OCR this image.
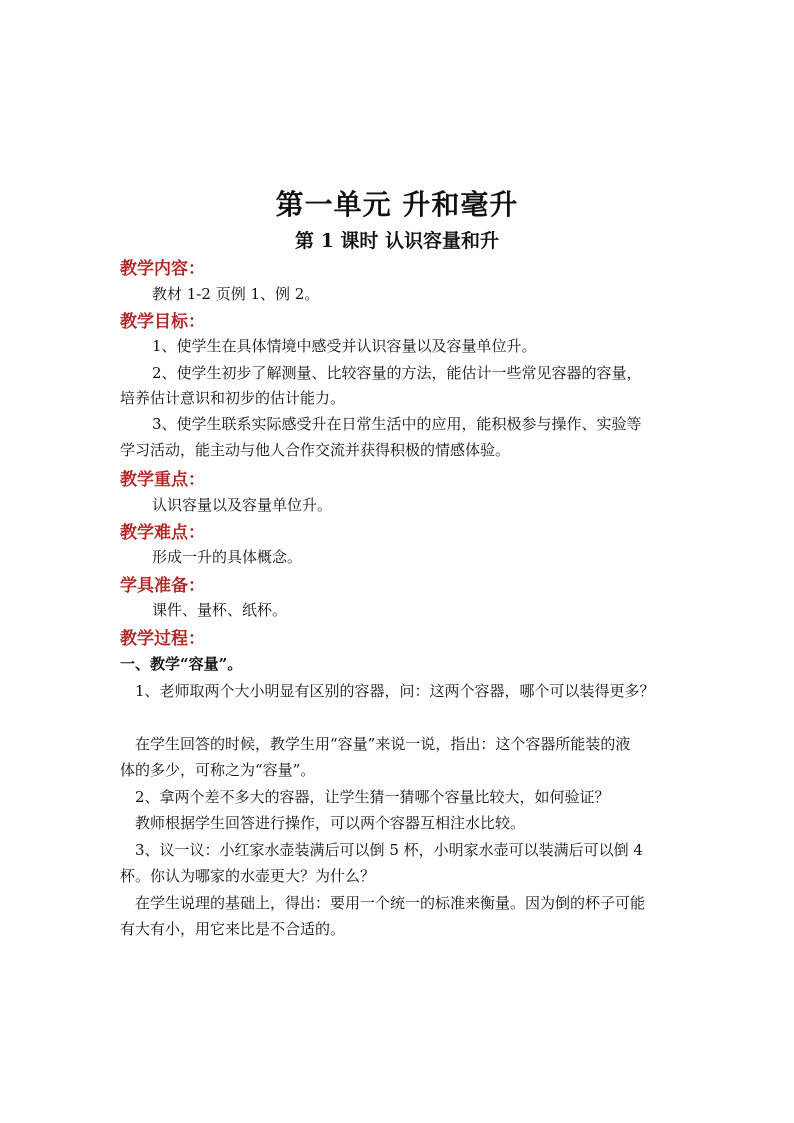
第一单元 升和毫升
第 1 课时 认识容量和升
教学内容：
教材 1-2 页例 1、例 2。
教学目标：
1、使学生在具体情境中感受并认识容量以及容量单位升。
2、使学生初步了解测量、比较容量的方法，能估计一些常见容器的容量，
培养估计意识和初步的估计能力。
3、使学生联系实际感受升在日常生活中的应用，能积极参与操作、实验等
学习活动，能主动与他人合作交流并获得积极的情感体验。
教学重点：
认识容量以及容量单位升。
教学难点：
形成一升的具体概念。
学具准备：
课件、量杯、纸杯。
教学过程：
一、教学“容量”。
1、老师取两个大小明显有区别的容器，问：这两个容器，哪个可以装得更多？
在学生回答的时候，教学生用“容量”来说一说，指出：这个容器所能装的液
体的多少，可称之为“容量”。
2、拿两个差不多大的容器，让学生猜一猜哪个容量比较大，如何验证？
教师根据学生回答进行操作，可以两个容器互相注水比较。
3、议一议：小红家水壶装满后可以倒 5 杯，小明家水壶可以装满后可以倒 4
杯。你认为哪家的水壶更大？为什么？
在学生说理的基础上，得出：要用一个统一的标准来衡量。因为倒的杯子可能
有大有小，用它来比是不合适的。
